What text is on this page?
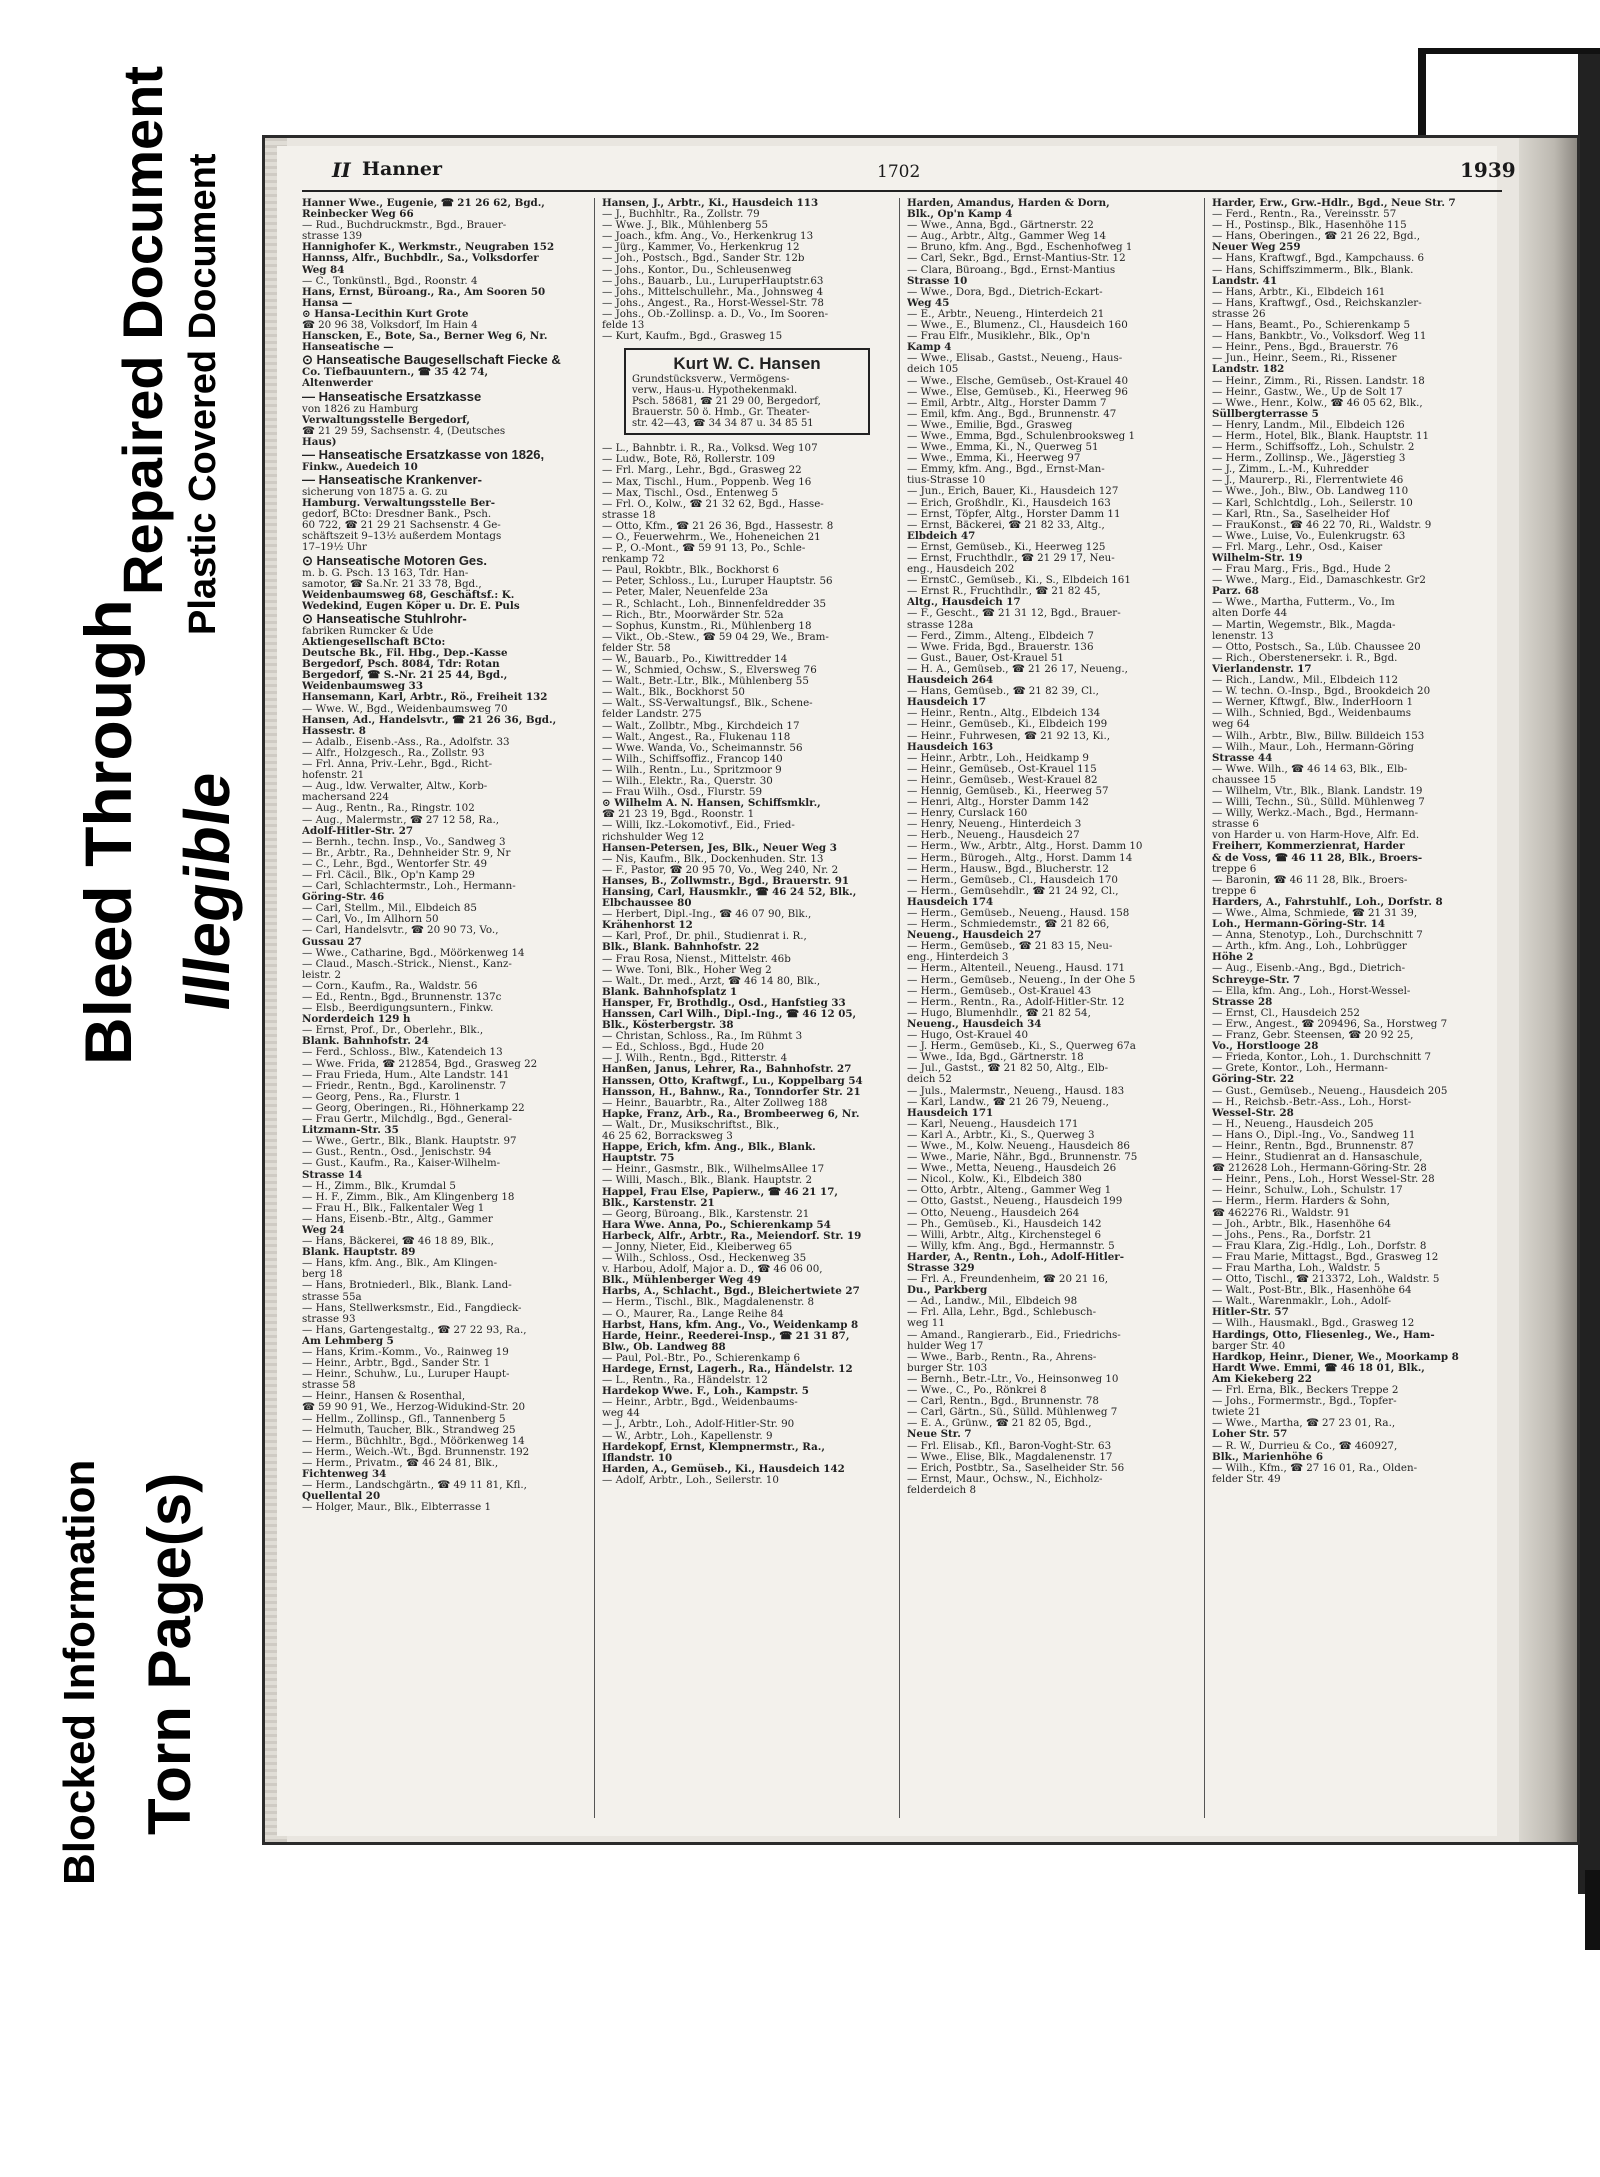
Blocked Information Torn Page(s)
Bleed Through Illegible
Repaired Document Plastic Covered Document	II Hanner	1702	1939

Hanner Wwe., Eugenie, ☎ 21 26 62, Bgd.,

Reinbecker Weg 66

— Rud., Buchdruckmstr., Bgd., Brauer-

strasse 139

Hannighofer K., Werkmstr., Neugraben 152

Hannss, Alfr., Buchbdlr., Sa., Volksdorfer

Weg 84

— C., Tonkünstl., Bgd., Roonstr. 4

Hans, Ernst, Büroang., Ra., Am Sooren 50

Hansa —

⊙ Hansa-Lecithin Kurt Grote

☎ 20 96 38, Volksdorf, Im Hain 4

Hanscken, E., Bote, Sa., Berner Weg 6, Nr.

Hanseatische —

⊙ Hanseatische Baugesellschaft Fiecke &

Co. Tiefbauuntern., ☎ 35 42 74,

Altenwerder

— Hanseatische Ersatzkasse

von 1826 zu Hamburg

Verwaltungsstelle Bergedorf,

☎ 21 29 59, Sachsenstr. 4, (Deutsches

Haus)

— Hanseatische Ersatzkasse von 1826,

Finkw., Auedeich 10

— Hanseatische Krankenver-

sicherung von 1875 a. G. zu

Hamburg. Verwaltungsstelle Ber-

gedorf, BCto: Dresdner Bank., Psch.

60 722, ☎ 21 29 21 Sachsenstr. 4 Ge-

schäftszeit 9–13½ außerdem Montags

17–19½ Uhr

⊙ Hanseatische Motoren Ges.

m. b. G. Psch. 13 163, Tdr. Han-

samotor, ☎ Sa.Nr. 21 33 78, Bgd.,

Weidenbaumsweg 68, Geschäftsf.: K.

Wedekind, Eugen Köper u. Dr. E. Puls

⊙ Hanseatische Stuhlrohr-

fabriken Rumcker & Ude

Aktiengesellschaft BCto:

Deutsche Bk., Fil. Hbg., Dep.-Kasse

Bergedorf, Psch. 8084, Tdr: Rotan

Bergedorf, ☎ S.-Nr. 21 25 44, Bgd.,

Weidenbaumsweg 33

Hansemann, Karl, Arbtr., Rö., Freiheit 132

— Wwe. W., Bgd., Weidenbaumsweg 70

Hansen, Ad., Handelsvtr., ☎ 21 26 36, Bgd.,

Hassestr. 8

— Adalb., Eisenb.-Ass., Ra., Adolfstr. 33

— Alfr., Holzgesch., Ra., Zollstr. 93

— Frl. Anna, Priv.-Lehr., Bgd., Richt-

hofenstr. 21

— Aug., ldw. Verwalter, Altw., Korb-

machersand 224

— Aug., Rentn., Ra., Ringstr. 102

— Aug., Malermstr., ☎ 27 12 58, Ra.,

Adolf-Hitler-Str. 27

— Bernh., techn. Insp., Vo., Sandweg 3

— Br., Arbtr., Ra., Dehnheider Str. 9, Nr

— C., Lehr., Bgd., Wentorfer Str. 49

— Frl. Cäcil., Blk., Op'n Kamp 29

— Carl, Schlachtermstr., Loh., Hermann-

Göring-Str. 46

— Carl, Stellm., Mil., Elbdeich 85

— Carl, Vo., Im Allhorn 50

— Carl, Handelsvtr., ☎ 20 90 73, Vo.,

Gussau 27

— Wwe., Catharine, Bgd., Möörkenweg 14

— Claud., Masch.-Strick., Nienst., Kanz-

leistr. 2

— Corn., Kaufm., Ra., Waldstr. 56

— Ed., Rentn., Bgd., Brunnenstr. 137c

— Elsb., Beerdigungsuntern., Finkw.

Norderdeich 129 h

— Ernst, Prof., Dr., Oberlehr., Blk.,

Blank. Bahnhofstr. 24

— Ferd., Schloss., Blw., Katendeich 13

— Wwe. Frida, ☎ 212854, Bgd., Grasweg 22

— Frau Frieda, Hum., Alte Landstr. 141

— Friedr., Rentn., Bgd., Karolinenstr. 7

— Georg, Pens., Ra., Flurstr. 1

— Georg, Oberingen., Ri., Höhnerkamp 22

— Frau Gertr., Milchdlg., Bgd., General-

Litzmann-Str. 35

— Wwe., Gertr., Blk., Blank. Hauptstr. 97

— Gust., Rentn., Osd., Jenischstr. 94

— Gust., Kaufm., Ra., Kaiser-Wilhelm-

Strasse 14

— H., Zimm., Blk., Krumdal 5

— H. F., Zimm., Blk., Am Klingenberg 18

— Frau H., Blk., Falkentaler Weg 1

— Hans, Eisenb.-Btr., Altg., Gammer

Weg 24

— Hans, Bäckerei, ☎ 46 18 89, Blk.,

Blank. Hauptstr. 89

— Hans, kfm. Ang., Blk., Am Klingen-

berg 18

— Hans, Brotniederl., Blk., Blank. Land-

strasse 55a

— Hans, Stellwerksmstr., Eid., Fangdieck-

strasse 93

— Hans, Gartengestaltg., ☎ 27 22 93, Ra.,

Am Lehmberg 5

— Hans, Krim.-Komm., Vo., Rainweg 19

— Heinr., Arbtr., Bgd., Sander Str. 1

— Heinr., Schuhw., Lu., Luruper Haupt-

strasse 58

— Heinr., Hansen & Rosenthal,

☎ 59 90 91, We., Herzog-Widukind-Str. 20

— Hellm., Zollinsp., Gfl., Tannenberg 5

— Helmuth, Taucher, Blk., Strandweg 25

— Herm., Büchhltr., Bgd., Möörkenweg 14

— Herm., Weich.-Wt., Bgd. Brunnenstr. 192

— Herm., Privatm., ☎ 46 24 81, Blk.,

Fichtenweg 34

— Herm., Landschgärtn., ☎ 49 11 81, Kfl.,

Quellental 20

— Holger, Maur., Blk., Elbterrasse 1

Hansen, J., Arbtr., Ki., Hausdeich 113

— J., Buchhltr., Ra., Zollstr. 79

— Wwe. J., Blk., Mühlenberg 55

— Joach., kfm. Ang., Vo., Herkenkrug 13

— Jürg., Kammer, Vo., Herkenkrug 12

— Joh., Postsch., Bgd., Sander Str. 12b

— Johs., Kontor., Du., Schleusenweg

— Johs., Bauarb., Lu., LuruperHauptstr.63

— Johs., Mittelschullehr., Ma., Johnsweg 4

— Johs., Angest., Ra., Horst-Wessel-Str. 78

— Johs., Ob.-Zollinsp. a. D., Vo., Im Sooren-

felde 13

— Kurt, Kaufm., Bgd., Grasweg 15

Kurt W. C. Hansen

Grundstücksverw., Vermögens-

verw., Haus-u. Hypothekenmakl.

Psch. 58681, ☎ 21 29 00, Bergedorf,

Brauerstr. 50 ö. Hmb., Gr. Theater-

str. 42—43, ☎ 34 34 87 u. 34 85 51

— L., Bahnbtr. i. R., Ra., Volksd. Weg 107

— Ludw., Bote, Rö, Rollerstr. 109

— Frl. Marg., Lehr., Bgd., Grasweg 22

— Max, Tischl., Hum., Poppenb. Weg 16

— Max, Tischl., Osd., Entenweg 5

— Frl. O., Kolw., ☎ 21 32 62, Bgd., Hasse-

strasse 18

— Otto, Kfm., ☎ 21 26 36, Bgd., Hassestr. 8

— O., Feuerwehrm., We., Hoheneichen 21

— P., O.-Mont., ☎ 59 91 13, Po., Schle-

renkamp 72

— Paul, Rokbtr., Blk., Bockhorst 6

— Peter, Schloss., Lu., Luruper Hauptstr. 56

— Peter, Maler, Neuenfelde 23a

— R., Schlacht., Loh., Binnenfeldredder 35

— Rich., Btr., Moorwärder Str. 52a

— Sophus, Kunstm., Ri., Mühlenberg 18

— Vikt., Ob.-Stew., ☎ 59 04 29, We., Bram-

felder Str. 58

— W., Bauarb., Po., Kiwittredder 14

— W., Schmied, Ochsw., S., Elversweg 76

— Walt., Betr.-Ltr., Blk., Mühlenberg 55

— Walt., Blk., Bockhorst 50

— Walt., SS-Verwaltungsf., Blk., Schene-

felder Landstr. 275

— Walt., Zollbtr., Mbg., Kirchdeich 17

— Walt., Angest., Ra., Flukenau 118

— Wwe. Wanda, Vo., Scheimannstr. 56

— Wilh., Schiffsoffiz., Francop 140

— Wilh., Rentn., Lu., Spritzmoor 9

— Wilh., Elektr., Ra., Querstr. 30

— Frau Wilh., Osd., Flurstr. 59

⊙ Wilhelm A. N. Hansen, Schiffsmklr.,

☎ 21 23 19, Bgd., Roonstr. 1

— Willi, Ikz.-Lokomotivf., Eid., Fried-

richshulder Weg 12

Hansen-Petersen, Jes, Blk., Neuer Weg 3

— Nis, Kaufm., Blk., Dockenhuden. Str. 13

— F., Pastor, ☎ 20 95 70, Vo., Weg 240, Nr. 2

Hanses, B., Zollwmstr., Bgd., Brauerstr. 91

Hansing, Carl, Hausmklr., ☎ 46 24 52, Blk.,

Elbchaussee 80

— Herbert, Dipl.-Ing., ☎ 46 07 90, Blk.,

Krähenhorst 12

— Karl, Prof., Dr. phil., Studienrat i. R.,

Blk., Blank. Bahnhofstr. 22

— Frau Rosa, Nienst., Mittelstr. 46b

— Wwe. Toni, Blk., Hoher Weg 2

— Walt., Dr. med., Arzt, ☎ 46 14 80, Blk.,

Blank. Bahnhofsplatz 1

Hansper, Fr, Brothdlg., Osd., Hanfstieg 33

Hanssen, Carl Wilh., Dipl.-Ing., ☎ 46 12 05,

Blk., Kösterbergstr. 38

— Christan, Schloss., Ra., Im Rühmt 3

— Ed., Schloss., Bgd., Hude 20

— J. Wilh., Rentn., Bgd., Ritterstr. 4

Hanßen, Janus, Lehrer, Ra., Bahnhofstr. 27

Hanssen, Otto, Kraftwgf., Lu., Koppelbarg 54

Hansson, H., Bahnw., Ra., Tonndorfer Str. 21

— Heinr., Bauarbtr., Ra., Alter Zollweg 188

Hapke, Franz, Arb., Ra., Brombeerweg 6, Nr.

— Walt., Dr., Musikschriftst., Blk.,

46 25 62, Borracksweg 3

Happe, Erich, kfm. Ang., Blk., Blank.

Hauptstr. 75

— Heinr., Gasmstr., Blk., WilhelmsAllee 17

— Willi, Masch., Blk., Blank. Hauptstr. 2

Happel, Frau Else, Papierw., ☎ 46 21 17,

Blk., Karstenstr. 21

— Georg, Büroang., Blk., Karstenstr. 21

Hara Wwe. Anna, Po., Schierenkamp 54

Harbeck, Alfr., Arbtr., Ra., Meiendorf. Str. 19

— Jonny, Nieter, Eid., Kleiberweg 65

— Wilh., Schloss., Osd., Heckenweg 35

v. Harbou, Adolf, Major a. D., ☎ 46 06 00,

Blk., Mühlenberger Weg 49

Harbs, A., Schlacht., Bgd., Bleichertwiete 27

— Herm., Tischl., Blk., Magdalenenstr. 8

— O., Maurer, Ra., Lange Reihe 84

Harbst, Hans, kfm. Ang., Vo., Weidenkamp 8

Harde, Heinr., Reederei-Insp., ☎ 21 31 87,

Blw., Ob. Landweg 88

— Paul, Pol.-Btr., Po., Schierenkamp 6

Hardege, Ernst, Lagerh., Ra., Händelstr. 12

— L., Rentn., Ra., Händelstr. 12

Hardekop Wwe. F., Loh., Kampstr. 5

— Heinr., Arbtr., Bgd., Weidenbaums-

weg 44

— J., Arbtr., Loh., Adolf-Hitler-Str. 90

— W., Arbtr., Loh., Kapellenstr. 9

Hardekopf, Ernst, Klempnermstr., Ra.,

Iflandstr. 10

Harden, A., Gemüseb., Ki., Hausdeich 142

— Adolf, Arbtr., Loh., Seilerstr. 10

Harden, Amandus, Harden & Dorn,

Blk., Op'n Kamp 4

— Wwe., Anna, Bgd., Gärtnerstr. 22

— Aug., Arbtr., Altg., Gammer Weg 14

— Bruno, kfm. Ang., Bgd., Eschenhofweg 1

— Carl, Sekr., Bgd., Ernst-Mantius-Str. 12

— Clara, Büroang., Bgd., Ernst-Mantius

Strasse 10

— Wwe., Dora, Bgd., Dietrich-Eckart-

Weg 45

— E., Arbtr., Neueng., Hinterdeich 21

— Wwe., E., Blumenz., Cl., Hausdeich 160

— Frau Elfr., Musiklehr., Blk., Op'n

Kamp 4

— Wwe., Elisab., Gastst., Neueng., Haus-

deich 105

— Wwe., Elsche, Gemüseb., Ost-Krauel 40

— Wwe., Else, Gemüseb., Ki., Heerweg 96

— Emil, Arbtr., Altg., Horster Damm 7

— Emil, kfm. Ang., Bgd., Brunnenstr. 47

— Wwe., Emilie, Bgd., Grasweg

— Wwe., Emma, Bgd., Schulenbrooksweg 1

— Wwe., Emma, Ki., N., Querweg 51

— Wwe., Emma, Ki., Heerweg 97

— Emmy, kfm. Ang., Bgd., Ernst-Man-

tius-Strasse 10

— Jun., Erich, Bauer, Ki., Hausdeich 127

— Erich, Großhdlr., Ki., Hausdeich 163

— Ernst, Töpfer, Altg., Horster Damm 11

— Ernst, Bäckerei, ☎ 21 82 33, Altg.,

Elbdeich 47

— Ernst, Gemüseb., Ki., Heerweg 125

— Ernst, Fruchthdlr., ☎ 21 29 17, Neu-

eng., Hausdeich 202

— ErnstC., Gemüseb., Ki., S., Elbdeich 161

— Ernst R., Fruchthdlr., ☎ 21 82 45,

Altg., Hausdeich 17

— F., Gescht., ☎ 21 31 12, Bgd., Brauer-

strasse 128a

— Ferd., Zimm., Alteng., Elbdeich 7

— Wwe. Frida, Bgd., Brauerstr. 136

— Gust., Bauer, Ost-Krauel 51

— H. A., Gemüseb., ☎ 21 26 17, Neueng.,

Hausdeich 264

— Hans, Gemüseb., ☎ 21 82 39, Cl.,

Hausdeich 17

— Heinr., Rentn., Altg., Elbdeich 134

— Heinr., Gemüseb., Ki., Elbdeich 199

— Heinr., Fuhrwesen, ☎ 21 92 13, Ki.,

Hausdeich 163

— Heinr., Arbtr., Loh., Heidkamp 9

— Heinr., Gemüseb., Ost-Krauel 115

— Heinr., Gemüseb., West-Krauel 82

— Hennig, Gemüseb., Ki., Heerweg 57

— Henri, Altg., Horster Damm 142

— Henry, Curslack 160

— Henry, Neueng., Hinterdeich 3

— Herb., Neueng., Hausdeich 27

— Herm., Ww., Arbtr., Altg., Horst. Damm 10

— Herm., Bürogeh., Altg., Horst. Damm 14

— Herm., Hausw., Bgd., Blucherstr. 12

— Herm., Gemüseb., Cl., Hausdeich 170

— Herm., Gemüsehdlr., ☎ 21 24 92, Cl.,

Hausdeich 174

— Herm., Gemüseb., Neueng., Hausd. 158

— Herm., Schmiedemstr., ☎ 21 82 66,

Neueng., Hausdeich 27

— Herm., Gemüseb., ☎ 21 83 15, Neu-

eng., Hinterdeich 3

— Herm., Altenteil., Neueng., Hausd. 171

— Herm., Gemüseb., Neueng., In der Ohe 5

— Herm., Gemüseb., Ost-Krauel 43

— Herm., Rentn., Ra., Adolf-Hitler-Str. 12

— Hugo, Blumenhdlr., ☎ 21 82 54,

Neueng., Hausdeich 34

— Hugo, Ost-Krauel 40

— J. Herm., Gemüseb., Ki., S., Querweg 67a

— Wwe., Ida, Bgd., Gärtnerstr. 18

— Jul., Gastst., ☎ 21 82 50, Altg., Elb-

deich 52

— Juls., Malermstr., Neueng., Hausd. 183

— Karl, Landw., ☎ 21 26 79, Neueng.,

Hausdeich 171

— Karl, Neueng., Hausdeich 171

— Karl A., Arbtr., Ki., S., Querweg 3

— Wwe., M., Kolw. Neueng., Hausdeich 86

— Wwe., Marie, Nähr., Bgd., Brunnenstr. 75

— Wwe., Metta, Neueng., Hausdeich 26

— Nicol., Kolw., Ki., Elbdeich 380

— Otto, Arbtr., Alteng., Gammer Weg 1

— Otto, Gastst., Neueng., Hausdeich 199

— Otto, Neueng., Hausdeich 264

— Ph., Gemüseb., Ki., Hausdeich 142

— Willi, Arbtr., Altg., Kirchenstegel 6

— Willy, kfm. Ang., Bgd., Hermannstr. 5

Harder, A., Rentn., Loh., Adolf-Hitler-

Strasse 329

— Frl. A., Freundenheim, ☎ 20 21 16,

Du., Parkberg

— Ad., Landw., Mil., Elbdeich 98

— Frl. Alla, Lehr., Bgd., Schlebusch-

weg 11

— Amand., Rangierarb., Eid., Friedrichs-

hulder Weg 17

— Wwe., Barb., Rentn., Ra., Ahrens-

burger Str. 103

— Bernh., Betr.-Ltr., Vo., Heinsonweg 10

— Wwe., C., Po., Rönkrei 8

— Carl, Rentn., Bgd., Brunnenstr. 78

— Carl, Gärtn., Sü., Sülld. Mühlenweg 7

— E. A., Grünw., ☎ 21 82 05, Bgd.,

Neue Str. 7

— Frl. Elisab., Kfl., Baron-Voght-Str. 63

— Wwe., Elise, Blk., Magdalenenstr. 17

— Erich, Postbtr., Sa., Saselheider Str. 56

— Ernst, Maur., Ochsw., N., Eichholz-

felderdeich 8

Harder, Erw., Grw.-Hdlr., Bgd., Neue Str. 7

— Ferd., Rentn., Ra., Vereinsstr. 57

— H., Postinsp., Blk., Hasenhöhe 115

— Hans, Oberingen., ☎ 21 26 22, Bgd.,

Neuer Weg 259

— Hans, Kraftwgf., Bgd., Kampchauss. 6

— Hans, Schiffszimmerm., Blk., Blank.

Landstr. 41

— Hans, Arbtr., Ki., Elbdeich 161

— Hans, Kraftwgf., Osd., Reichskanzler-

strasse 26

— Hans, Beamt., Po., Schierenkamp 5

— Hans, Bankbtr., Vo., Volksdorf. Weg 11

— Heinr., Pens., Bgd., Brauerstr. 76

— Jun., Heinr., Seem., Ri., Rissener

Landstr. 182

— Heinr., Zimm., Ri., Rissen. Landstr. 18

— Heinr., Gastw., We., Up de Solt 17

— Wwe., Henr., Kolw., ☎ 46 05 62, Blk.,

Süllbergterrasse 5

— Henry, Landm., Mil., Elbdeich 126

— Herm., Hotel, Blk., Blank. Hauptstr. 11

— Herm., Schiffsoffz., Loh., Schulstr. 2

— Herm., Zollinsp., We., Jägerstieg 3

— J., Zimm., L.-M., Kuhredder

— J., Maurerp., Ri., Flerrentwiete 46

— Wwe., Joh., Blw., Ob. Landweg 110

— Karl, Schlchtdlg., Loh., Seilerstr. 10

— Karl, Rtn., Sa., Saselheider Hof

— FrauKonst., ☎ 46 22 70, Ri., Waldstr. 9

— Wwe., Luise, Vo., Eulenkrugstr. 63

— Frl. Marg., Lehr., Osd., Kaiser

Wilhelm-Str. 19

— Frau Marg., Fris., Bgd., Hude 2

— Wwe., Marg., Eid., Damaschkestr. Gr2

Parz. 68

— Wwe., Martha, Futterm., Vo., Im

alten Dorfe 44

— Martin, Wegemstr., Blk., Magda-

lenenstr. 13

— Otto, Postsch., Sa., Lüb. Chaussee 20

— Rich., Oberstenersekr. i. R., Bgd.

Vierlandenstr. 17

— Rich., Landw., Mil., Elbdeich 112

— W. techn. O.-Insp., Bgd., Brookdeich 20

— Werner, Kftwgf., Blw., InderHoorn 1

— Wilh., Schnied, Bgd., Weidenbaums

weg 64

— Wilh., Arbtr., Blw., Billw. Billdeich 153

— Wilh., Maur., Loh., Hermann-Göring

Strasse 44

— Wwe. Wilh., ☎ 46 14 63, Blk., Elb-

chaussee 15

— Wilhelm, Vtr., Blk., Blank. Landstr. 19

— Willi, Techn., Sü., Sülld. Mühlenweg 7

— Willy, Werkz.-Mach., Bgd., Hermann-

strasse 6

von Harder u. von Harm-Hove, Alfr. Ed.

Freiherr, Kommerzienrat, Harder

& de Voss, ☎ 46 11 28, Blk., Broers-

treppe 6

— Baronin, ☎ 46 11 28, Blk., Broers-

treppe 6

Harders, A., Fahrstuhlf., Loh., Dorfstr. 8

— Wwe., Alma, Schmiede, ☎ 21 31 39,

Loh., Hermann-Göring-Str. 14

— Anna, Stenotyp., Loh., Durchschnitt 7

— Arth., kfm. Ang., Loh., Lohbrügger

Höhe 2

— Aug., Eisenb.-Ang., Bgd., Dietrich-

Schreyge-Str. 7

— Ella, kfm. Ang., Loh., Horst-Wessel-

Strasse 28

— Ernst, Cl., Hausdeich 252

— Erw., Angest., ☎ 209496, Sa., Horstweg 7

— Franz, Gebr. Steensen, ☎ 20 92 25,

Vo., Horstlooge 28

— Frieda, Kontor., Loh., 1. Durchschnitt 7

— Grete, Kontor., Loh., Hermann-

Göring-Str. 22

— Gust., Gemüseb., Neueng., Hausdeich 205

— H., Reichsb.-Betr.-Ass., Loh., Horst-

Wessel-Str. 28

— H., Neueng., Hausdeich 205

— Hans O., Dipl.-Ing., Vo., Sandweg 11

— Heinr., Rentn., Bgd., Brunnenstr. 87

— Heinr., Studienrat an d. Hansaschule,

☎ 212628 Loh., Hermann-Göring-Str. 28

— Heinr., Pens., Loh., Horst Wessel-Str. 28

— Heinr., Schulw., Loh., Schulstr. 17

— Herm., Herm. Harders & Sohn,

☎ 462276 Ri., Waldstr. 91

— Joh., Arbtr., Blk., Hasenhöhe 64

— Johs., Pens., Ra., Dorfstr. 21

— Frau Klara, Zig.-Hdlg., Loh., Dorfstr. 8

— Frau Marie, Mittagst., Bgd., Grasweg 12

— Frau Martha, Loh., Waldstr. 5

— Otto, Tischl., ☎ 213372, Loh., Waldstr. 5

— Walt., Post-Btr., Blk., Hasenhöhe 64

— Walt., Warenmaklr., Loh., Adolf-

Hitler-Str. 57

— Wilh., Hausmakl., Bgd., Grasweg 12

Hardings, Otto, Fliesenleg., We., Ham-

barger Str. 40

Hardkop, Heinr., Diener, We., Moorkamp 8

Hardt Wwe. Emmi, ☎ 46 18 01, Blk.,

Am Kiekeberg 22

— Frl. Erna, Blk., Beckers Treppe 2

— Johs., Formermstr., Bgd., Topfer-

twiete 21

— Wwe., Martha, ☎ 27 23 01, Ra.,

Loher Str. 57

— R. W., Durrieu & Co., ☎ 460927,

Blk., Marienhöhe 6

— Wilh., Kfm., ☎ 27 16 01, Ra., Olden-

felder Str. 49
